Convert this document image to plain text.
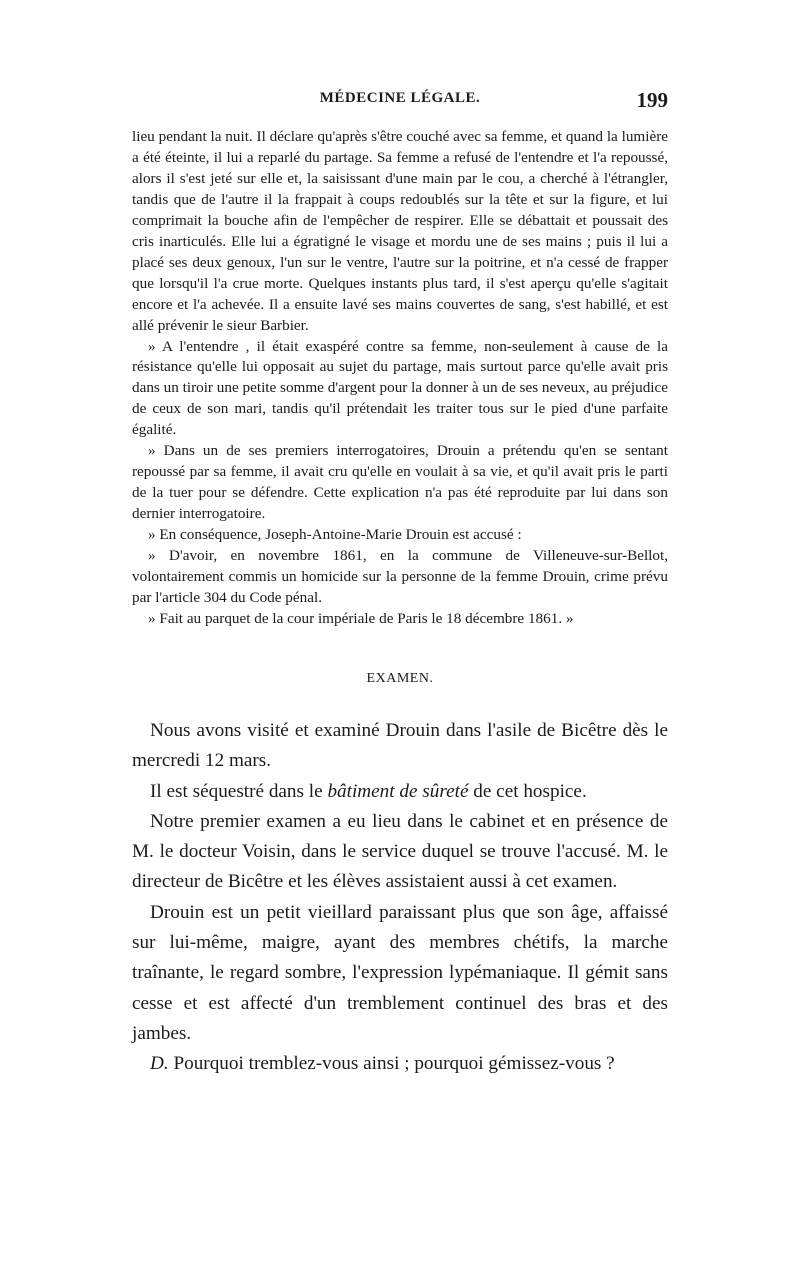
MÉDECINE LÉGALE.	199

lieu pendant la nuit. Il déclare qu'après s'être couché avec sa femme, et quand la lumière a été éteinte, il lui a reparlé du partage. Sa femme a refusé de l'entendre et l'a repoussé, alors il s'est jeté sur elle et, la saisissant d'une main par le cou, a cherché à l'étrangler, tandis que de l'autre il la frappait à coups redoublés sur la tête et sur la figure, et lui comprimait la bouche afin de l'empêcher de respirer. Elle se débattait et poussait des cris inarticulés. Elle lui a égratigné le visage et mordu une de ses mains ; puis il lui a placé ses deux genoux, l'un sur le ventre, l'autre sur la poitrine, et n'a cessé de frapper que lorsqu'il l'a crue morte. Quelques instants plus tard, il s'est aperçu qu'elle s'agitait encore et l'a achevée. Il a ensuite lavé ses mains couvertes de sang, s'est habillé, et est allé prévenir le sieur Barbier.

» A l'entendre , il était exaspéré contre sa femme, non-seulement à cause de la résistance qu'elle lui opposait au sujet du partage, mais surtout parce qu'elle avait pris dans un tiroir une petite somme d'argent pour la donner à un de ses neveux, au préjudice de ceux de son mari, tandis qu'il prétendait les traiter tous sur le pied d'une parfaite égalité.

» Dans un de ses premiers interrogatoires, Drouin a prétendu qu'en se sentant repoussé par sa femme, il avait cru qu'elle en voulait à sa vie, et qu'il avait pris le parti de la tuer pour se défendre. Cette explication n'a pas été reproduite par lui dans son dernier interrogatoire.

» En conséquence, Joseph-Antoine-Marie Drouin est accusé :

» D'avoir, en novembre 1861, en la commune de Villeneuve-sur-Bellot, volontairement commis un homicide sur la personne de la femme Drouin, crime prévu par l'article 304 du Code pénal.

» Fait au parquet de la cour impériale de Paris le 18 décembre 1861. »

EXAMEN.

Nous avons visité et examiné Drouin dans l'asile de Bicêtre dès le mercredi 12 mars.

Il est séquestré dans le bâtiment de sûreté de cet hospice.

Notre premier examen a eu lieu dans le cabinet et en présence de M. le docteur Voisin, dans le service duquel se trouve l'accusé. M. le directeur de Bicêtre et les élèves assistaient aussi à cet examen.

Drouin est un petit vieillard paraissant plus que son âge, affaissé sur lui-même, maigre, ayant des membres chétifs, la marche traînante, le regard sombre, l'expression lypémaniaque. Il gémit sans cesse et est affecté d'un tremblement continuel des bras et des jambes.

D. Pourquoi tremblez-vous ainsi ; pourquoi gémissez-vous ?
